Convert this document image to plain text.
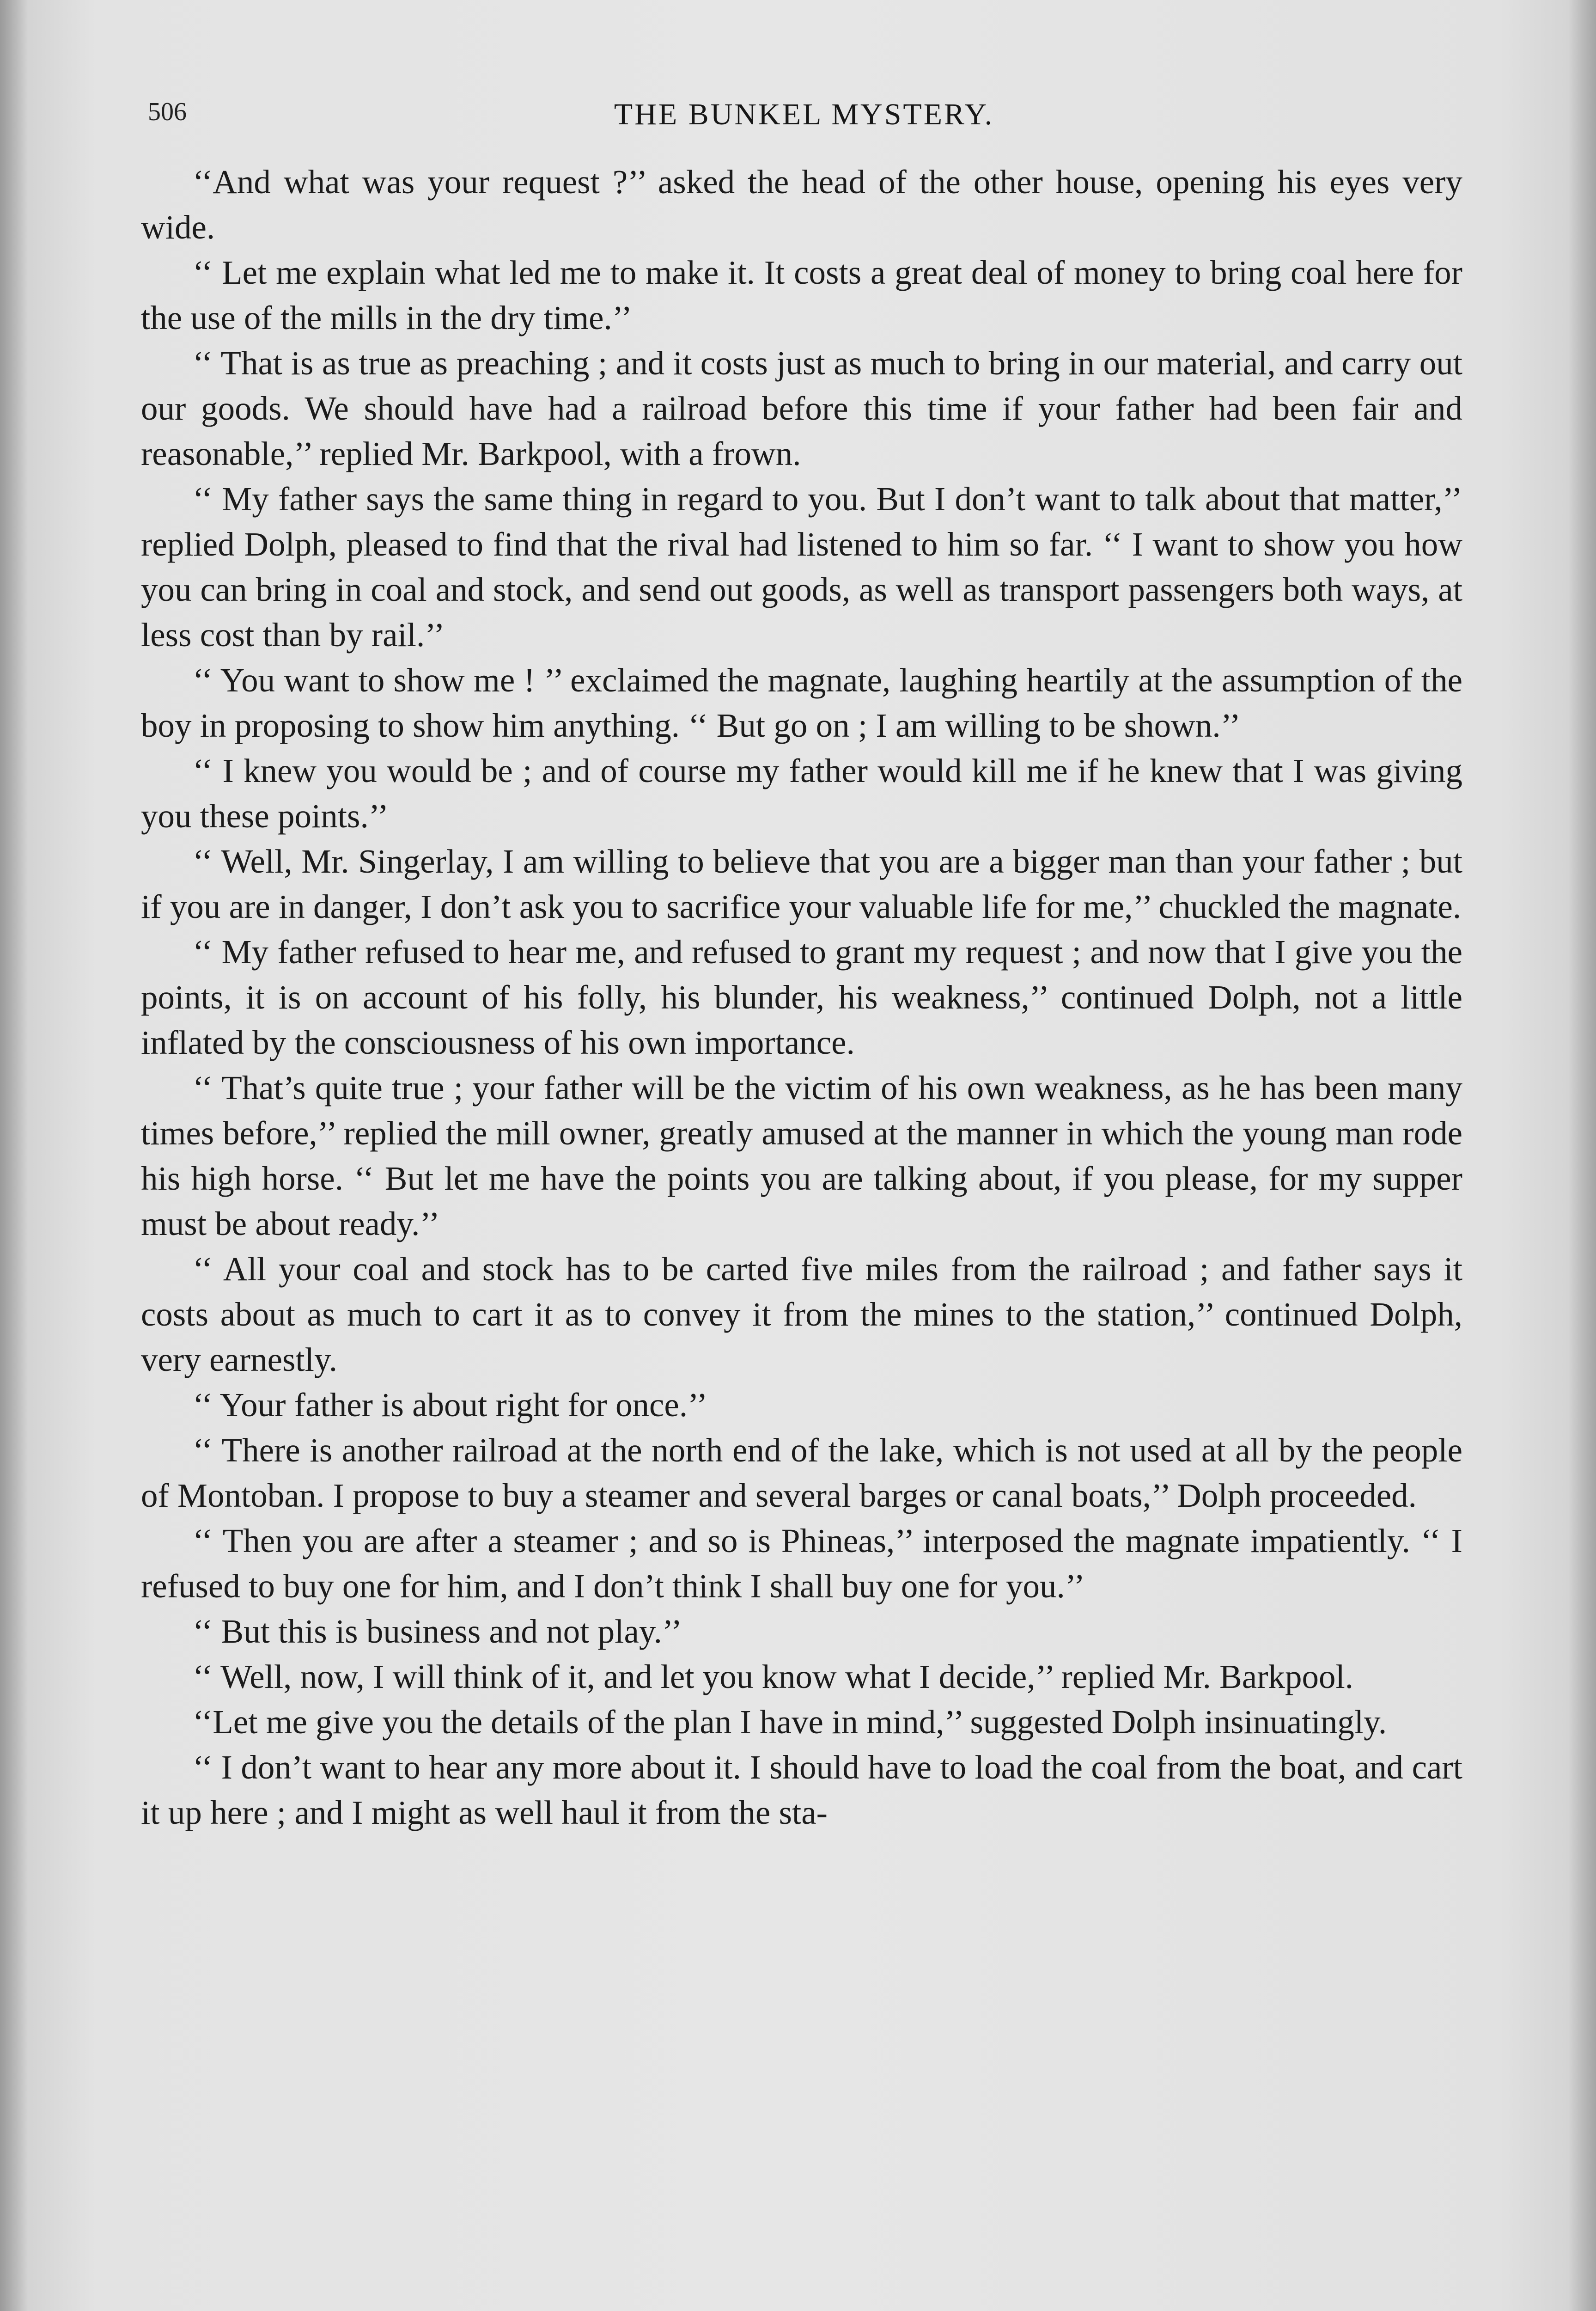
506	THE BUNKEL MYSTERY.

‘‘And what was your request ?’’ asked the head of the other house, opening his eyes very wide.

‘‘ Let me explain what led me to make it. It costs a great deal of money to bring coal here for the use of the mills in the dry time.’’

‘‘ That is as true as preaching ; and it costs just as much to bring in our material, and carry out our goods. We should have had a railroad before this time if your father had been fair and reasonable,’’ replied Mr. Barkpool, with a frown.

‘‘ My father says the same thing in regard to you. But I don’t want to talk about that matter,’’ replied Dolph, pleased to find that the rival had listened to him so far. ‘‘ I want to show you how you can bring in coal and stock, and send out goods, as well as transport passengers both ways, at less cost than by rail.’’

‘‘ You want to show me ! ’’ exclaimed the magnate, laughing heartily at the assumption of the boy in proposing to show him anything. ‘‘ But go on ; I am willing to be shown.’’

‘‘ I knew you would be ; and of course my father would kill me if he knew that I was giving you these points.’’

‘‘ Well, Mr. Singerlay, I am willing to believe that you are a bigger man than your father ; but if you are in danger, I don’t ask you to sacrifice your valuable life for me,’’ chuckled the magnate.

‘‘ My father refused to hear me, and refused to grant my request ; and now that I give you the points, it is on account of his folly, his blunder, his weakness,’’ continued Dolph, not a little inflated by the consciousness of his own importance.

‘‘ That’s quite true ; your father will be the victim of his own weakness, as he has been many times before,’’ replied the mill owner, greatly amused at the manner in which the young man rode his high horse. ‘‘ But let me have the points you are talking about, if you please, for my supper must be about ready.’’

‘‘ All your coal and stock has to be carted five miles from the railroad ; and father says it costs about as much to cart it as to convey it from the mines to the station,’’ continued Dolph, very earnestly.

‘‘ Your father is about right for once.’’

‘‘ There is another railroad at the north end of the lake, which is not used at all by the people of Montoban. I propose to buy a steamer and several barges or canal boats,’’ Dolph proceeded.

‘‘ Then you are after a steamer ; and so is Phineas,’’ interposed the magnate impatiently. ‘‘ I refused to buy one for him, and I don’t think I shall buy one for you.’’

‘‘ But this is business and not play.’’

‘‘ Well, now, I will think of it, and let you know what I decide,’’ replied Mr. Barkpool.

‘‘Let me give you the details of the plan I have in mind,’’ suggested Dolph insinuatingly.

‘‘ I don’t want to hear any more about it. I should have to load the coal from the boat, and cart it up here ; and I might as well haul it from the sta-
